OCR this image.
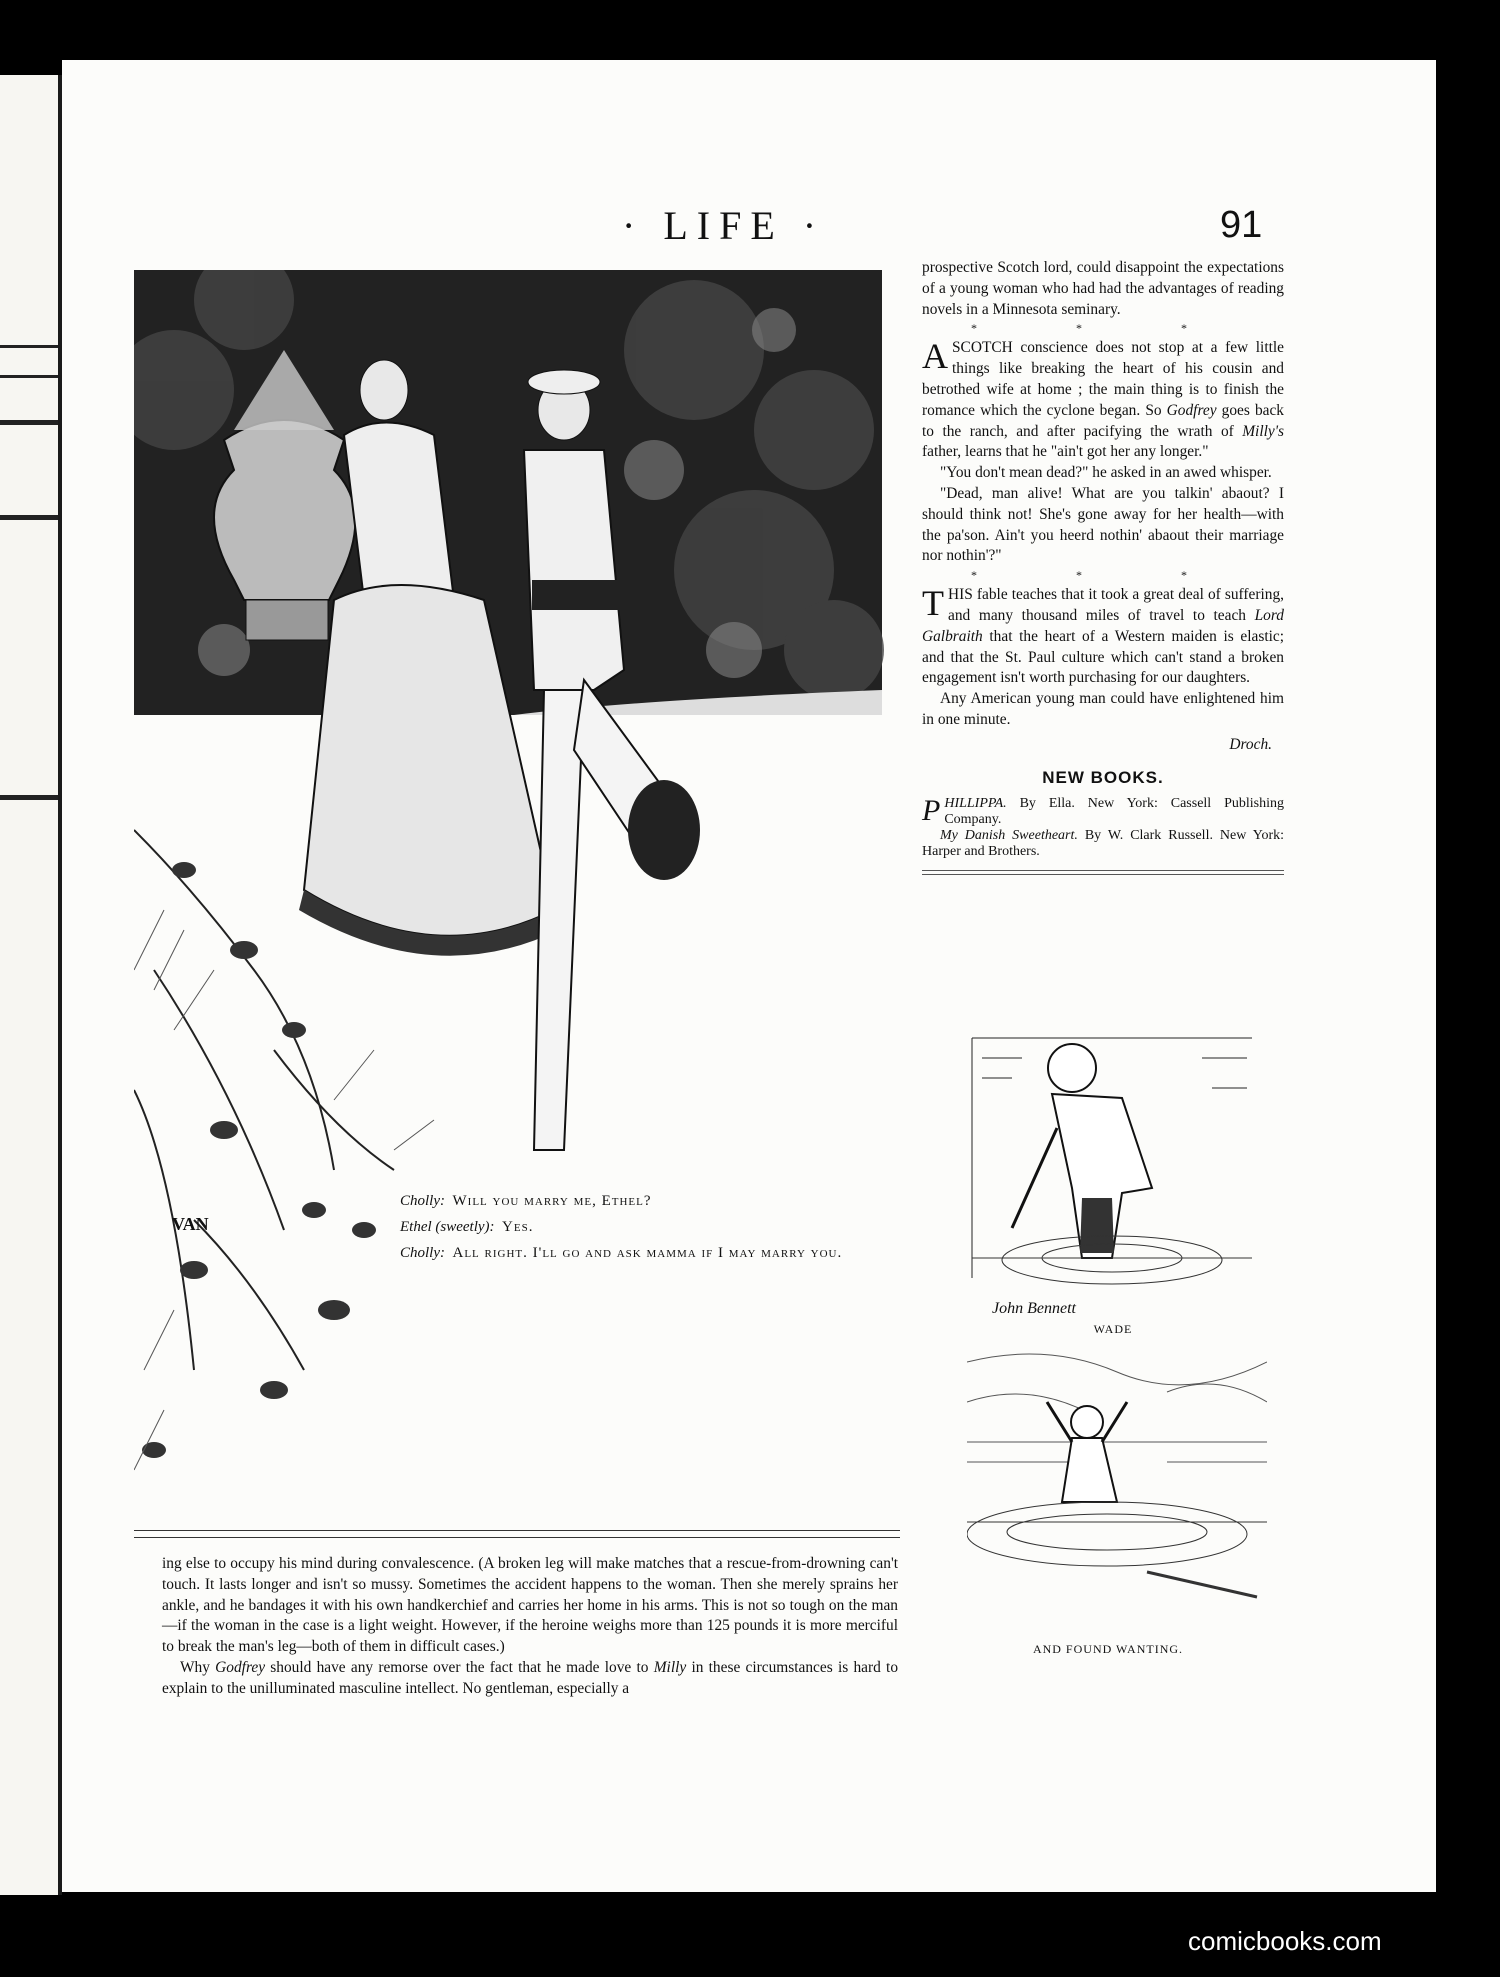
· LIFE ·	91
VAN
Cholly: Will you marry me, Ethel?
Ethel (sweetly): Yes.
Cholly: All right. I'll go and ask mamma if I may marry you.

prospective Scotch lord, could disappoint the expectations of a young woman who had had the advantages of reading novels in a Minnesota seminary.

* * *

ASCOTCH conscience does not stop at a few little things like breaking the heart of his cousin and betrothed wife at home ; the main thing is to finish the romance which the cyclone began. So Godfrey goes back to the ranch, and after pacifying the wrath of Milly's father, learns that he "ain't got her any longer."

"You don't mean dead?" he asked in an awed whisper.

"Dead, man alive! What are you talkin' abaout? I should think not! She's gone away for her health—with the pa'son. Ain't you heerd nothin' abaout their marriage nor nothin'?"

* * *

THIS fable teaches that it took a great deal of suffering, and many thousand miles of travel to teach Lord Galbraith that the heart of a Western maiden is elastic; and that the St. Paul culture which can't stand a broken engagement isn't worth purchasing for our daughters.

Any American young man could have enlightened him in one minute.

Droch.
NEW BOOKS.

PHILLIPPA. By Ella. New York: Cassell Publishing Company.

My Danish Sweetheart. By W. Clark Russell. New York: Harper and Brothers.

John Bennett
WADE
AND FOUND WANTING.

ing else to occupy his mind during convalescence. (A broken leg will make matches that a rescue-from-drowning can't touch. It lasts longer and isn't so mussy. Sometimes the accident happens to the woman. Then she merely sprains her ankle, and he bandages it with his own handkerchief and carries her home in his arms. This is not so tough on the man—if the woman in the case is a light weight. However, if the heroine weighs more than 125 pounds it is more merciful to break the man's leg—both of them in difficult cases.)

Why Godfrey should have any remorse over the fact that he made love to Milly in these circumstances is hard to explain to the unilluminated masculine intellect. No gentleman, especially a

comicbooks.com
